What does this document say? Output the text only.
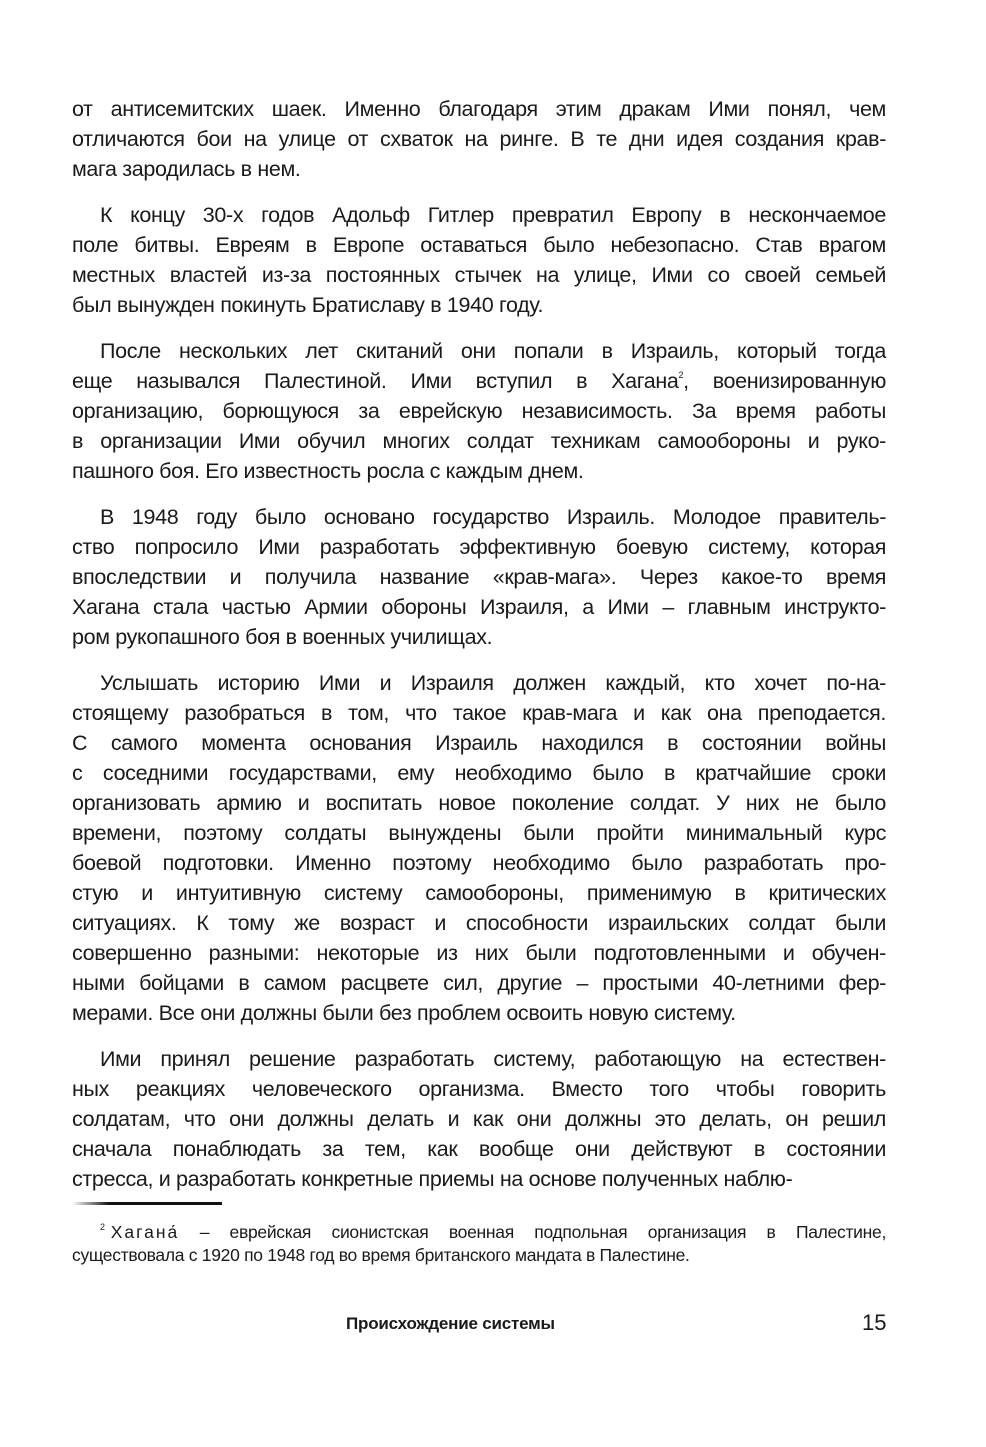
от антисемитских шаек. Именно благодаря этим дракам Ими понял, чем
отличаются бои на улице от схваток на ринге. В те дни идея создания крав-
мага зародилась в нем.
К концу 30-х годов Адольф Гитлер превратил Европу в нескончаемое
поле битвы. Евреям в Европе оставаться было небезопасно. Став врагом
местных властей из-за постоянных стычек на улице, Ими со своей семьей
был вынужден покинуть Братиславу в 1940 году.
После нескольких лет скитаний они попали в Израиль, который тогда
еще назывался Палестиной. Ими вступил в Хагана$^2$, военизированную
организацию, борющуюся за еврейскую независимость. За время работы
в организации Ими обучил многих солдат техникам самообороны и руко-
пашного боя. Его известность росла с каждым днем.
В 1948 году было основано государство Израиль. Молодое правитель-
ство попросило Ими разработать эффективную боевую систему, которая
впоследствии и получила название «крав-мага». Через какое-то время
Хагана стала частью Армии обороны Израиля, а Ими – главным инструкто-
ром рукопашного боя в военных училищах.
Услышать историю Ими и Израиля должен каждый, кто хочет по-на-
стоящему разобраться в том, что такое крав-мага и как она преподается.
С самого момента основания Израиль находился в состоянии войны
с соседними государствами, ему необходимо было в кратчайшие сроки
организовать армию и воспитать новое поколение солдат. У них не было
времени, поэтому солдаты вынуждены были пройти минимальный курс
боевой подготовки. Именно поэтому необходимо было разработать про-
стую и интуитивную систему самообороны, применимую в критических
ситуациях. К тому же возраст и способности израильских солдат были
совершенно разными: некоторые из них были подготовленными и обучен-
ными бойцами в самом расцвете сил, другие – простыми 40-летними фер-
мерами. Все они должны были без проблем освоить новую систему.
Ими принял решение разработать систему, работающую на естествен-
ных реакциях человеческого организма. Вместо того чтобы говорить
солдатам, что они должны делать и как они должны это делать, он решил
сначала понаблюдать за тем, как вообще они действуют в состоянии
стресса, и разработать конкретные приемы на основе полученных наблю-
$^2$ Хагана́ – еврейская сионистская военная подпольная организация в Палестине,
существовала с 1920 по 1948 год во время британского мандата в Палестине.
Происхождение системы	15
